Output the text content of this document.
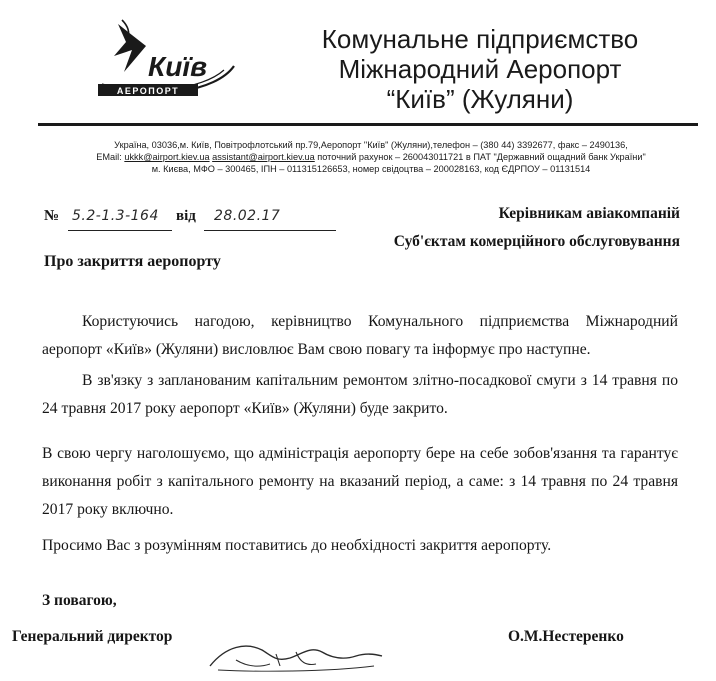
Київ
АЕРОПОРТ
Комунальне підприємство
Міжнародний Аеропорт
“Київ” (Жуляни)
Україна, 03036,м. Київ, Повітрофлотський пр.79,Аеропорт "Київ" (Жуляни),телефон – (380 44) 3392677, факс – 2490136,
EMail: ukkk@airport.kiev.ua assistant@airport.kiev.ua поточний рахунок – 260043011721 в ПАТ "Державний ощадний банк України"
м. Києва, МФО – 300465, ІПН – 011315126653, номер свідоцтва – 200028163, код ЄДРПОУ – 01131514
№ 5.2-1.3-164	від	28.02.17	Керівникам авіакомпаній
Суб'єктам комерційного обслуговування
Про закриття аеропорту
Користуючись нагодою, керівництво Комунального підприємства Міжнародний аеропорт «Київ» (Жуляни) висловлює Вам свою повагу та інформує про наступне.
В зв'язку з запланованим капітальним ремонтом злітно-посадкової смуги з 14 травня по 24 травня 2017 року аеропорт «Київ» (Жуляни) буде закрито.
В свою чергу наголошуємо, що адміністрація аеропорту бере на себе зобов'язання та гарантує виконання робіт з капітального ремонту на вказаний період, а саме: з 14 травня по 24 травня 2017 року включно.
Просимо Вас з розумінням поставитись до необхідності закриття аеропорту.
З повагою,
Генеральний директор	О.М.Нестеренко
